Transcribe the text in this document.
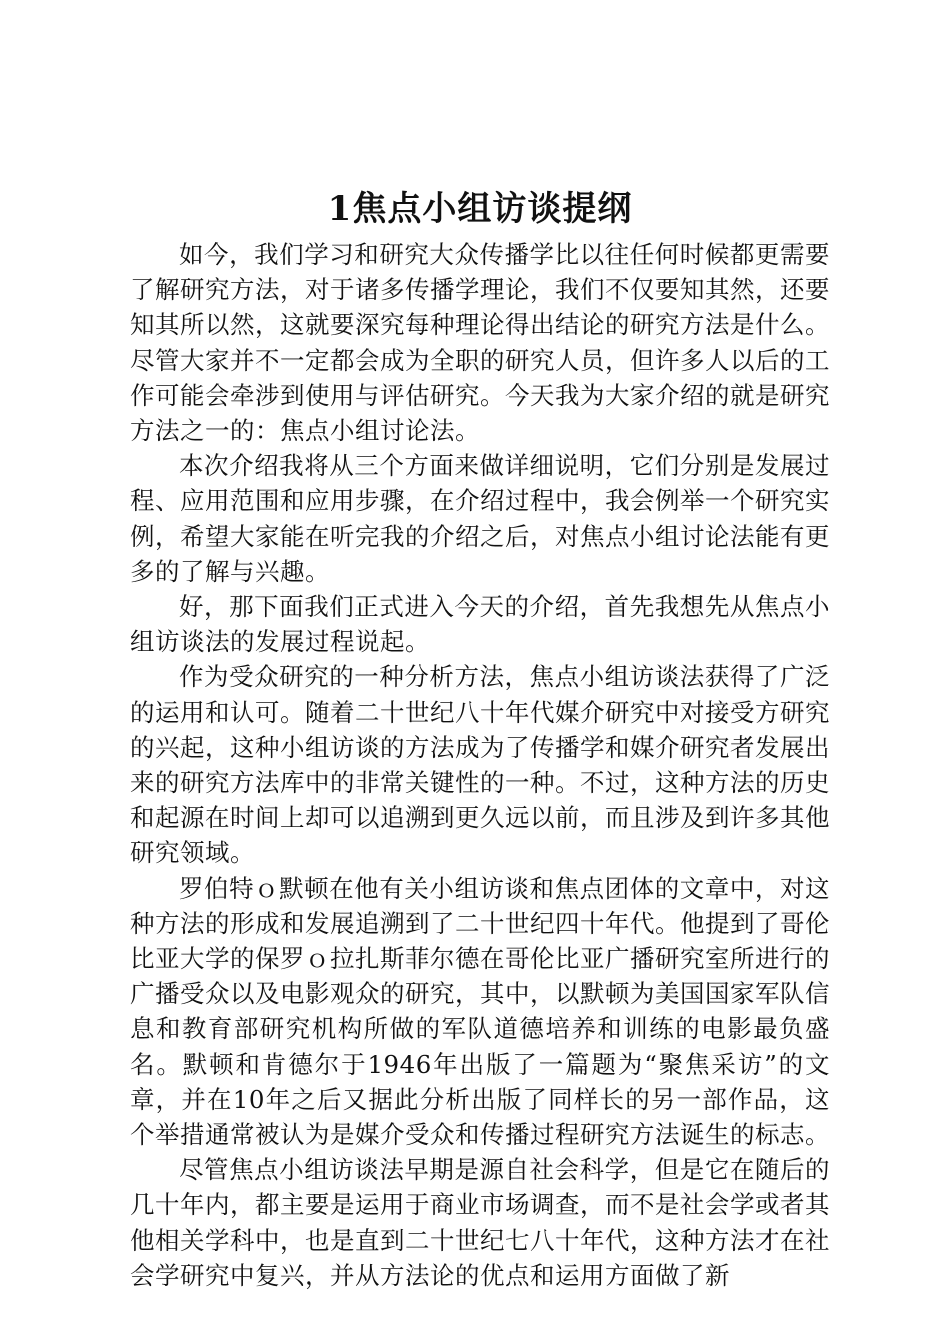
1焦点小组访谈提纲

如今，我们学习和研究大众传播学比以往任何时候都更需要了解研究方法，对于诸多传播学理论，我们不仅要知其然，还要知其所以然，这就要深究每种理论得出结论的研究方法是什么。尽管大家并不一定都会成为全职的研究人员，但许多人以后的工作可能会牵涉到使用与评估研究。今天我为大家介绍的就是研究方法之一的：焦点小组讨论法。

本次介绍我将从三个方面来做详细说明，它们分别是发展过程、应用范围和应用步骤，在介绍过程中，我会例举一个研究实例，希望大家能在听完我的介绍之后，对焦点小组讨论法能有更多的了解与兴趣。

好，那下面我们正式进入今天的介绍，首先我想先从焦点小组访谈法的发展过程说起。

作为受众研究的一种分析方法，焦点小组访谈法获得了广泛的运用和认可。随着二十世纪八十年代媒介研究中对接受方研究的兴起，这种小组访谈的方法成为了传播学和媒介研究者发展出来的研究方法库中的非常关键性的一种。不过，这种方法的历史和起源在时间上却可以追溯到更久远以前，而且涉及到许多其他研究领域。

罗伯特ｏ默顿在他有关小组访谈和焦点团体的文章中，对这种方法的形成和发展追溯到了二十世纪四十年代。他提到了哥伦比亚大学的保罗ｏ拉扎斯菲尔德在哥伦比亚广播研究室所进行的广播受众以及电影观众的研究，其中，以默顿为美国国家军队信息和教育部研究机构所做的军队道德培养和训练的电影最负盛名。默顿和肯德尔于1946年出版了一篇题为“聚焦采访”的文章，并在10年之后又据此分析出版了同样长的另一部作品，这个举措通常被认为是媒介受众和传播过程研究方法诞生的标志。

尽管焦点小组访谈法早期是源自社会科学，但是它在随后的几十年内，都主要是运用于商业市场调查，而不是社会学或者其他相关学科中，也是直到二十世纪七八十年代，这种方法才在社会学研究中复兴，并从方法论的优点和运用方面做了新
